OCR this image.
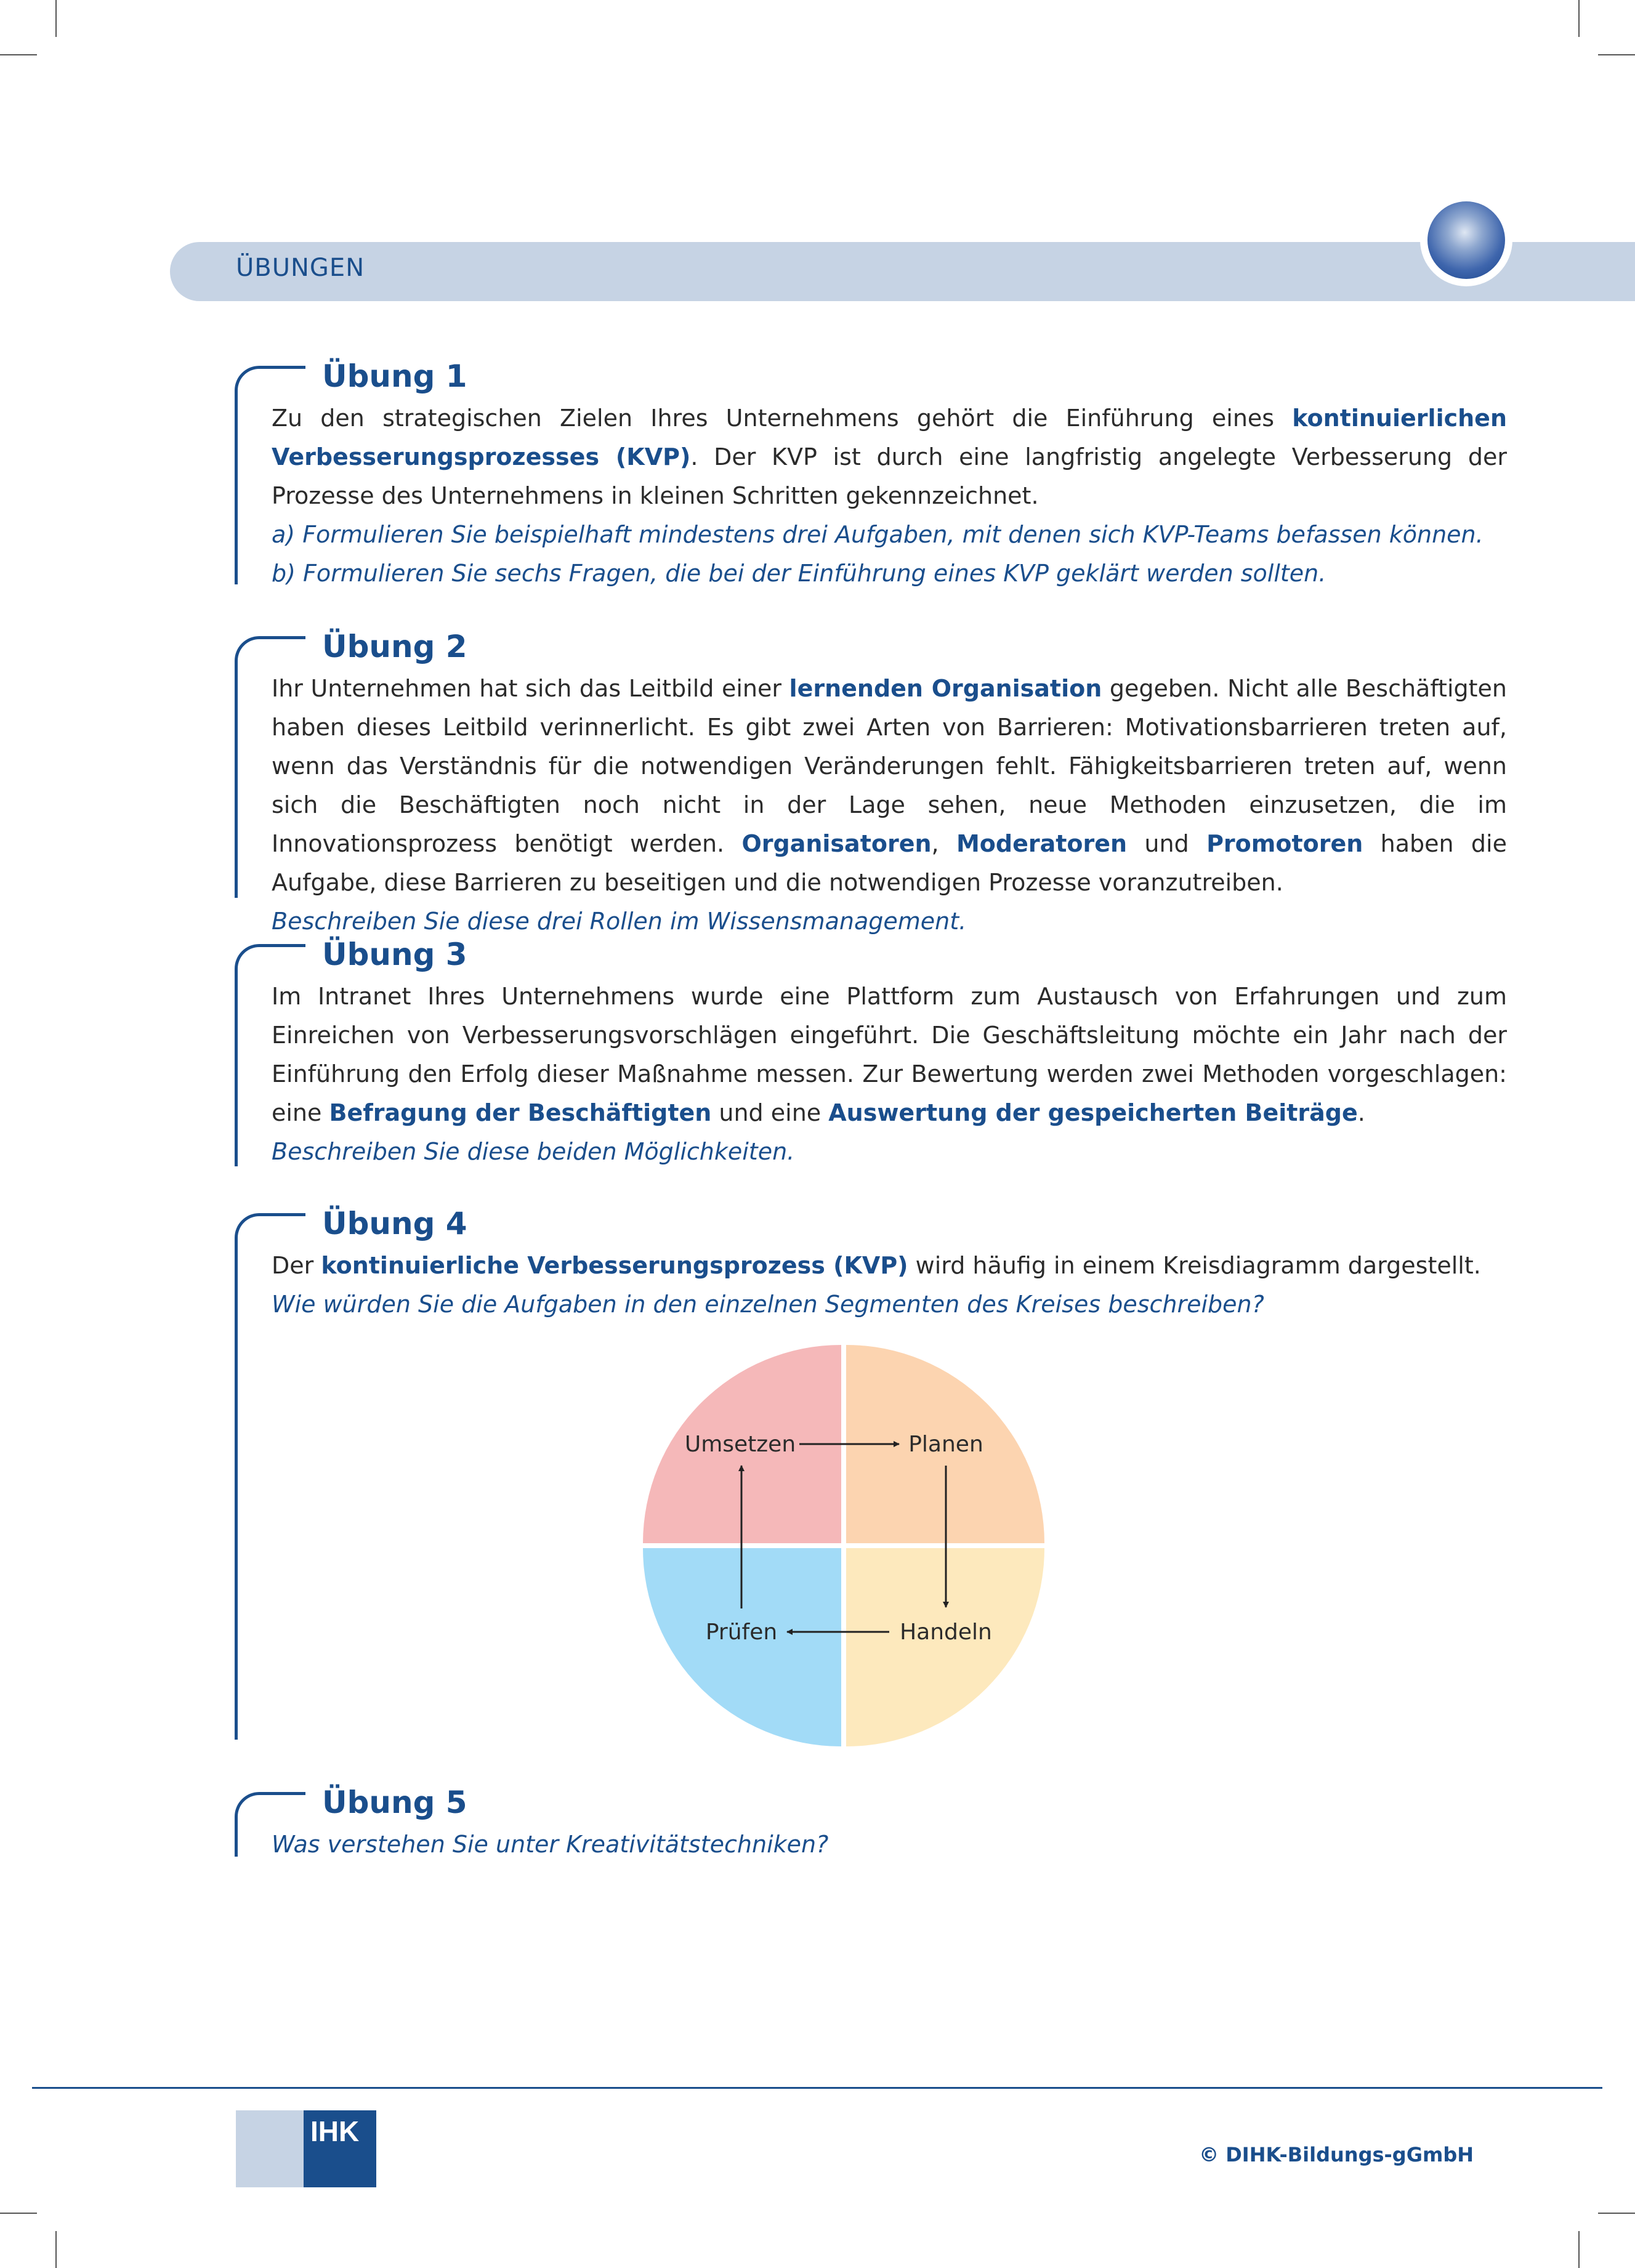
ÜBUNGEN
Übung 1

Zu den strategischen Zielen Ihres Unternehmens gehört die Einführung eines kontinuierlichen Verbesserungsprozesses (KVP). Der KVP ist durch eine langfristig angelegte Verbesserung der Prozesse des Unternehmens in kleinen Schritten gekennzeichnet.

a) Formulieren Sie beispielhaft mindestens drei Aufgaben, mit denen sich KVP-Teams befassen können.

b) Formulieren Sie sechs Fragen, die bei der Einführung eines KVP geklärt werden sollten.

Übung 2

Ihr Unternehmen hat sich das Leitbild einer lernenden Organisation gegeben. Nicht alle Beschäftigten haben dieses Leitbild verinnerlicht. Es gibt zwei Arten von Barrieren: Motivationsbarrieren treten auf, wenn das Verständnis für die notwendigen Veränderungen fehlt. Fähigkeitsbarrieren treten auf, wenn sich die Beschäftigten noch nicht in der Lage sehen, neue Methoden einzusetzen, die im Innovationsprozess benötigt werden. Organisatoren, Moderatoren und Promotoren haben die Aufgabe, diese Barrieren zu beseitigen und die notwendigen Prozesse voranzutreiben.

Beschreiben Sie diese drei Rollen im Wissensmanagement.

Übung 3

Im Intranet Ihres Unternehmens wurde eine Plattform zum Austausch von Erfahrungen und zum Einreichen von Verbesserungsvorschlägen eingeführt. Die Geschäftsleitung möchte ein Jahr nach der Einführung den Erfolg dieser Maßnahme messen. Zur Bewertung werden zwei Methoden vorgeschlagen: eine Befragung der Beschäftigten und eine Auswertung der gespeicherten Beiträge.

Beschreiben Sie diese beiden Möglichkeiten.

Übung 4

Der kontinuierliche Verbesserungsprozess (KVP) wird häufig in einem Kreisdiagramm dargestellt.

Wie würden Sie die Aufgaben in den einzelnen Segmenten des Kreises beschreiben?

Umsetzen	Planen
Prüfen	Handeln
Übung 5

Was verstehen Sie unter Kreativitätstechniken?

IHK
© DIHK-Bildungs-gGmbH
